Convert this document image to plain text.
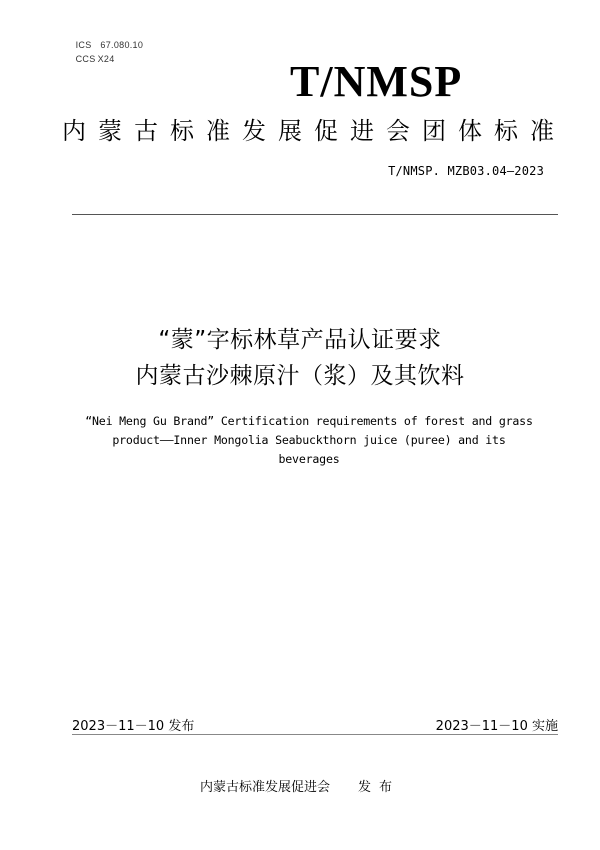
ICS 67.080.10

CCS X24	T/NMSP
内 蒙 古 标 准 发 展 促 进 会 团 体 标 准
T/NMSP. MZB03.04—2023
“蒙”字标林草产品认证要求
内蒙古沙棘原汁（浆）及其饮料
“Nei Meng Gu Brand” Certification requirements of forest and grass
product——Inner Mongolia Seabuckthorn juice (puree) and its
beverages
2023－11－10 发布	2023－11－10 实施
内蒙古标准发展促进会 发布
